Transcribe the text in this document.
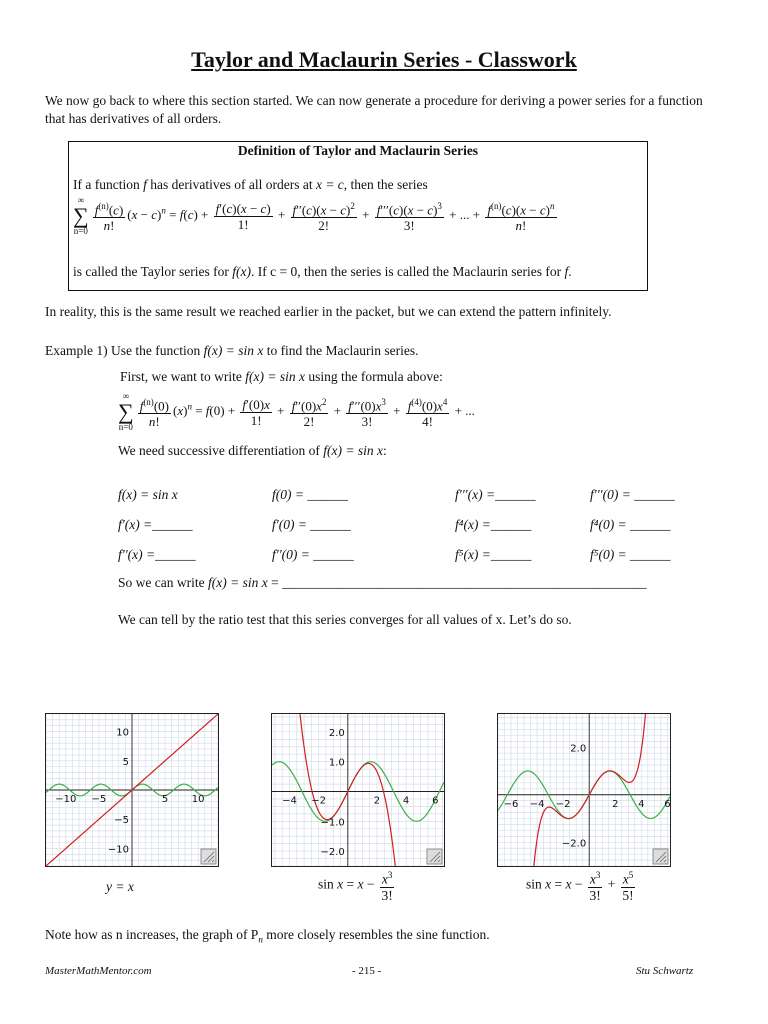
Taylor and Maclaurin Series - Classwork
We now go back to where this section started. We can now generate a procedure for deriving a power series for a function that has derivatives of all orders.
Definition of Taylor and Maclaurin Series
If a function f has derivatives of all orders at x = c, then the series
∞
∑
$n=0 \frac{f^{(n)}(c)}{n!} (x - c)^n = f(c) + \frac{f'(c)(x - c)}{1!} + \frac{f''(c)(x - c)^2}{2!} + \frac{f'''(c)(x - c)^3}{3!}$ + ... + $\frac{f^{(n)}(c)(x - c)^n}{n!}$
is called the Taylor series for f(x). If c = 0, then the series is called the Maclaurin series for f.
In reality, this is the same result we reached earlier in the packet, but we can extend the pattern infinitely.
Example 1) Use the function f(x) = sin x to find the Maclaurin series.
First, we want to write f(x) = sin x using the formula above:
∞
∑
$n=0 \frac{f^{(n)}(0)}{n!} (x)^n = f(0) + \frac{f'(0)x}{1!} + \frac{f''(0)x^2}{2!} + \frac{f'''(0)x^3}{3!} + \frac{f^{(4)}(0)x^4}{4!}$ + ...
We need successive differentiation of f(x) = sin x:
f(x) = sin x	f(0) = ______	f′′′(x) =______	f′′′(0) = ______
f′(x) =______	f′(0) = ______	f⁴(x) =______	f⁴(0) = ______
f′′(x) =______	f′′(0) = ______	f⁵(x) =______	f⁵(0) = ______
So we can write f(x) = sin x = ______________________________________________________
We can tell by the ratio test that this series converges for all values of x. Let’s do so.
−10 −5	5 10
10
5
−5
−10
−4 −2	2 4 6
2.0
1.0
−1.0
−2.0
−6 −4 −2	2 4 6
2.0
−2.0
y = x	$\sin x = x - \frac{x^3}{3!}$	$\sin x = x - \frac{x^3}{3!} + \frac{x^5}{5!}$
Note how as n increases, the graph of $P_n$ more closely resembles the sine function.
MasterMathMentor.com	- 215 -	Stu Schwartz
